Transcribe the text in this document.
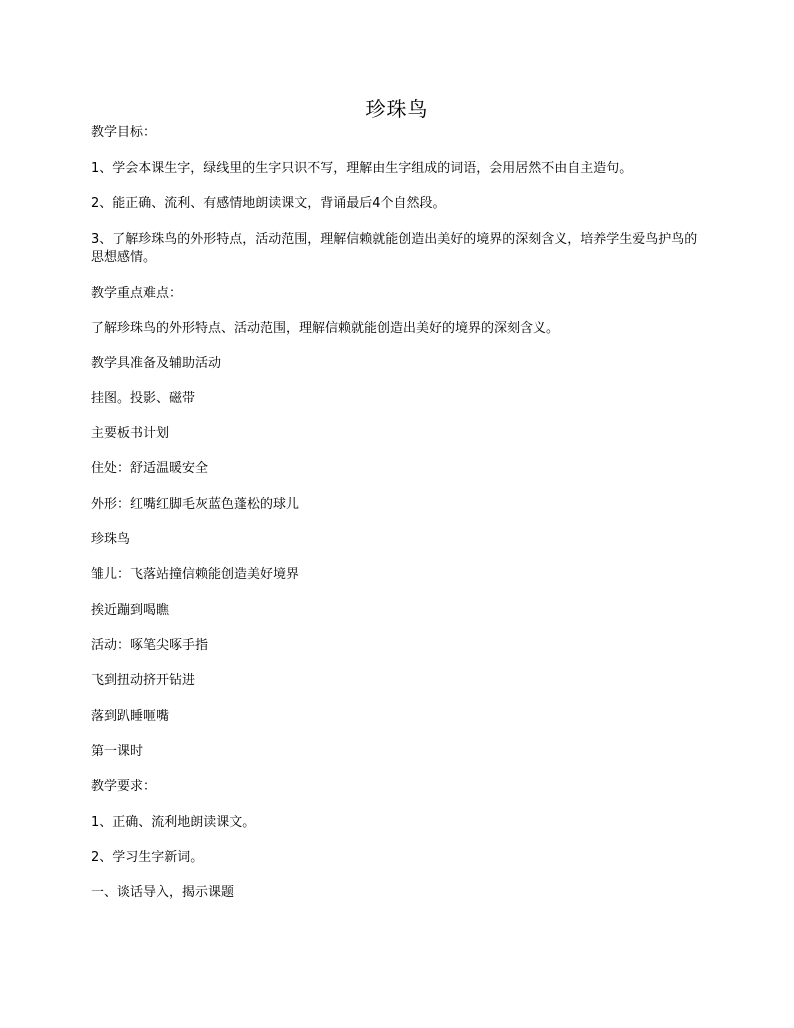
珍珠鸟
教学目标：
1、学会本课生字，绿线里的生字只识不写，理解由生字组成的词语，会用居然不由自主造句。
2、能正确、流利、有感情地朗读课文，背诵最后4个自然段。
3、了解珍珠鸟的外形特点，活动范围，理解信赖就能创造出美好的境界的深刻含义，培养学生爱鸟护鸟的思想感情。
教学重点难点：
了解珍珠鸟的外形特点、活动范围，理解信赖就能创造出美好的境界的深刻含义。
教学具准备及辅助活动
挂图。投影、磁带
主要板书计划
住处：舒适温暖安全
外形：红嘴红脚毛灰蓝色蓬松的球儿
珍珠鸟
雏儿：飞落站撞信赖能创造美好境界
挨近蹦到喝瞧
活动：啄笔尖啄手指
飞到扭动挤开钻进
落到趴睡咂嘴
第一课时
教学要求：
1、正确、流利地朗读课文。
2、学习生字新词。
一、谈话导入，揭示课题
